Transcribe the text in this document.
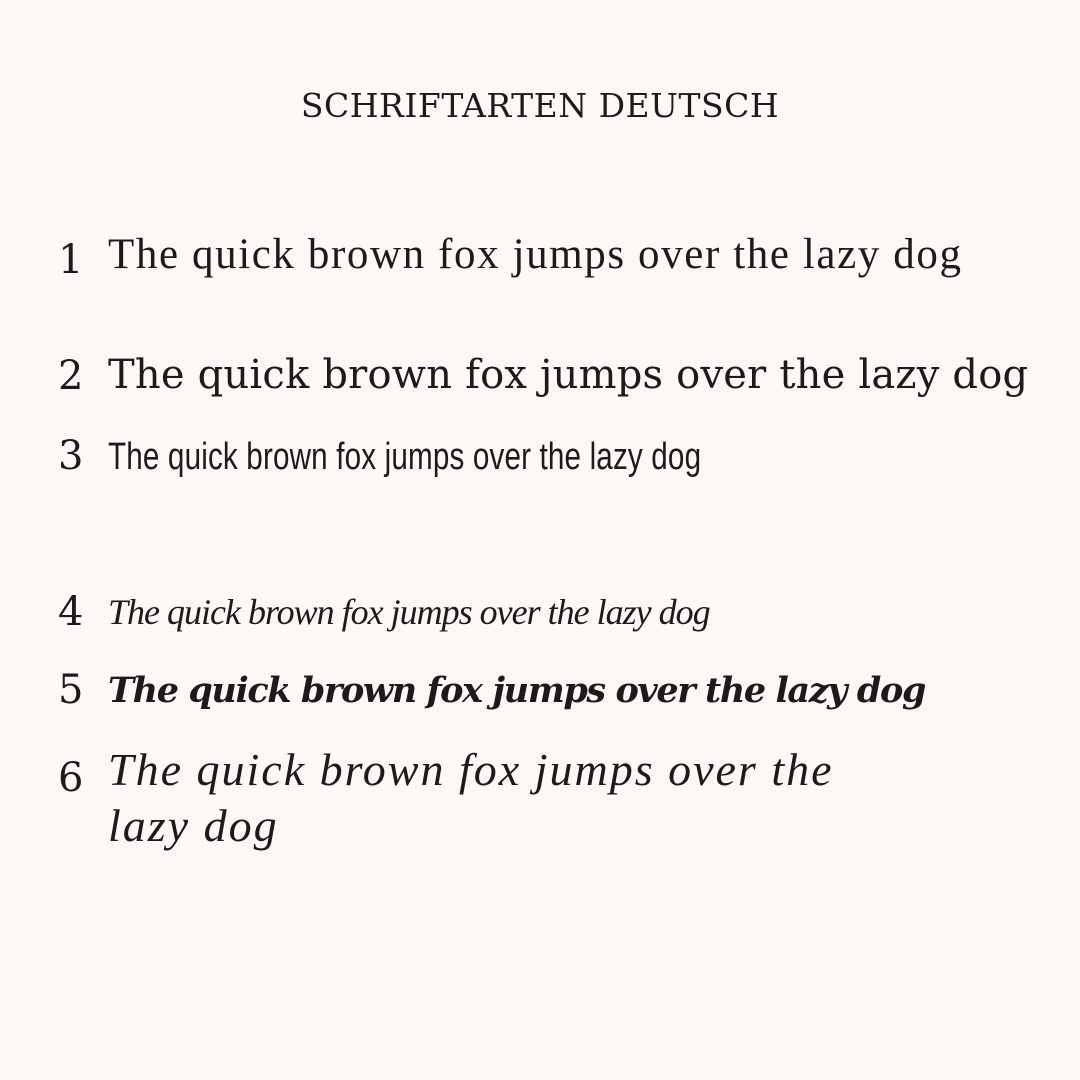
SCHRIFTARTEN DEUTSCH
1 The quick brown fox jumps over the lazy dog
2 The quick brown fox jumps over the lazy dog
3 The quick brown fox jumps over the lazy dog
4 The quick brown fox jumps over the lazy dog
5 The quick brown fox jumps over the lazy dog
6 The quick brown fox jumps over the lazy dog
